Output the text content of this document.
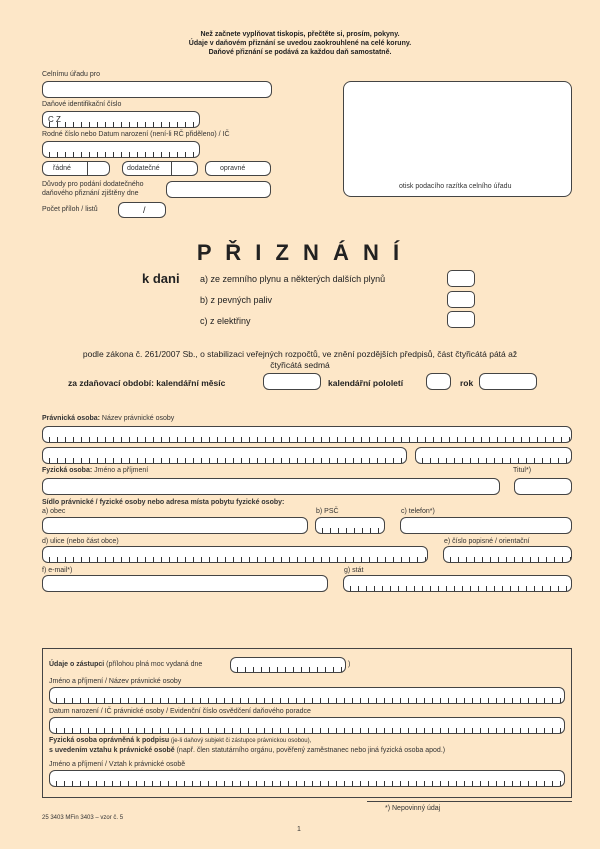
Než začnete vyplňovat tiskopis, přečtěte si, prosím, pokyny.
Údaje v daňovém přiznání se uvedou zaokrouhlené na celé koruny.
Daňové přiznání se podává za každou daň samostatně.
Celnímu úřadu pro
Daňové identifikační číslo
C Z
Rodné číslo nebo Datum narození (není-li RČ přiděleno) / IČ
řádné	dodatečné	opravné
Důvody pro podání dodatečného
daňového přiznání zjištěny dne
Počet příloh / listů	/
otisk podacího razítka celního úřadu
P Ř I Z N Á N Í
k dani a) ze zemního plynu a některých dalších plynů
b) z pevných paliv
c) z elektřiny
podle zákona č. 261/2007 Sb., o stabilizaci veřejných rozpočtů, ve znění pozdějších předpisů, část čtyřicátá pátá až
čtyřicátá sedmá
za zdaňovací období: kalendářní měsíc	kalendářní pololetí	rok
Právnická osoba: Název právnické osoby
Fyzická osoba: Jméno a příjmení	Titul*)
Sídlo právnické / fyzické osoby nebo adresa místa pobytu fyzické osoby:
a) obec	b) PSČ	c) telefon*)
d) ulice (nebo část obce)	e) číslo popisné / orientační
f) e-mail*)	g) stát
Údaje o zástupci (přílohou plná moc vydaná dne	)
Jméno a příjmení / Název právnické osoby
Datum narození / IČ právnické osoby / Evidenční číslo osvědčení daňového poradce
Fyzická osoba oprávněná k podpisu (je-li daňový subjekt či zástupce právnickou osobou),
s uvedením vztahu k právnické osobě (např. člen statutárního orgánu, pověřený zaměstnanec nebo jiná fyzická osoba apod.)
Jméno a příjmení / Vztah k právnické osobě
*) Nepovinný údaj
25 3403 MFin 3403 – vzor č. 5
1
